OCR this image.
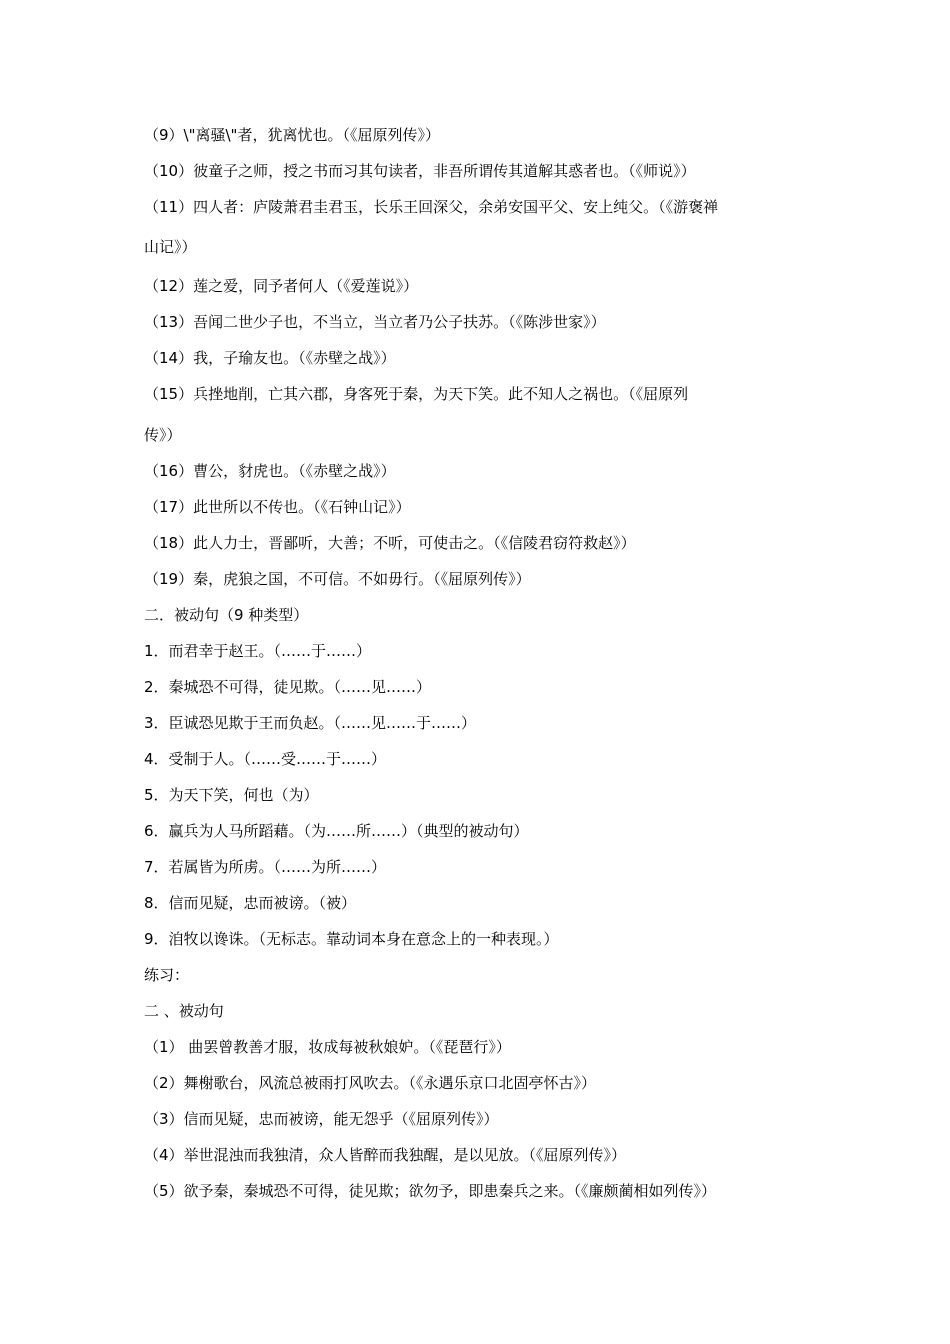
（9）\"离骚\"者，犹离忧也。（《屈原列传》）
（10）彼童子之师，授之书而习其句读者，非吾所谓传其道解其惑者也。（《师说》）
（11）四人者：庐陵萧君圭君玉，长乐王回深父，余弟安国平父、安上纯父。（《游褒禅
山记》）
（12）莲之爱，同予者何人（《爱莲说》）
（13）吾闻二世少子也，不当立，当立者乃公子扶苏。（《陈涉世家》）
（14）我，子瑜友也。（《赤壁之战》）
（15）兵挫地削，亡其六郡，身客死于秦，为天下笑。此不知人之祸也。（《屈原列
传》）
（16）曹公，豺虎也。（《赤壁之战》）
（17）此世所以不传也。（《石钟山记》）
（18）此人力士，晋鄙听，大善；不听，可使击之。（《信陵君窃符救赵》）
（19）秦，虎狼之国，不可信。不如毋行。（《屈原列传》）
二．被动句（9 种类型）
1．而君幸于赵王。（……于……）
2．秦城恐不可得，徒见欺。（……见……）
3．臣诚恐见欺于王而负赵。（……见……于……）
4．受制于人。（……受……于……）
5．为天下笑，何也（为）
6．赢兵为人马所蹈藉。（为……所……）（典型的被动句）
7．若属皆为所虏。（……为所……）
8．信而见疑，忠而被谤。（被）
9．洎牧以谗诛。（无标志。靠动词本身在意念上的一种表现。）
练习：
二 、被动句
（1） 曲罢曾教善才服，妆成每被秋娘妒。（《琵琶行》）
（2）舞榭歌台，风流总被雨打风吹去。（《永遇乐京口北固亭怀古》）
（3）信而见疑，忠而被谤，能无怨乎（《屈原列传》）
（4）举世混浊而我独清，众人皆醉而我独醒，是以见放。（《屈原列传》）
（5）欲予秦，秦城恐不可得，徒见欺；欲勿予，即患秦兵之来。（《廉颇蔺相如列传》）
